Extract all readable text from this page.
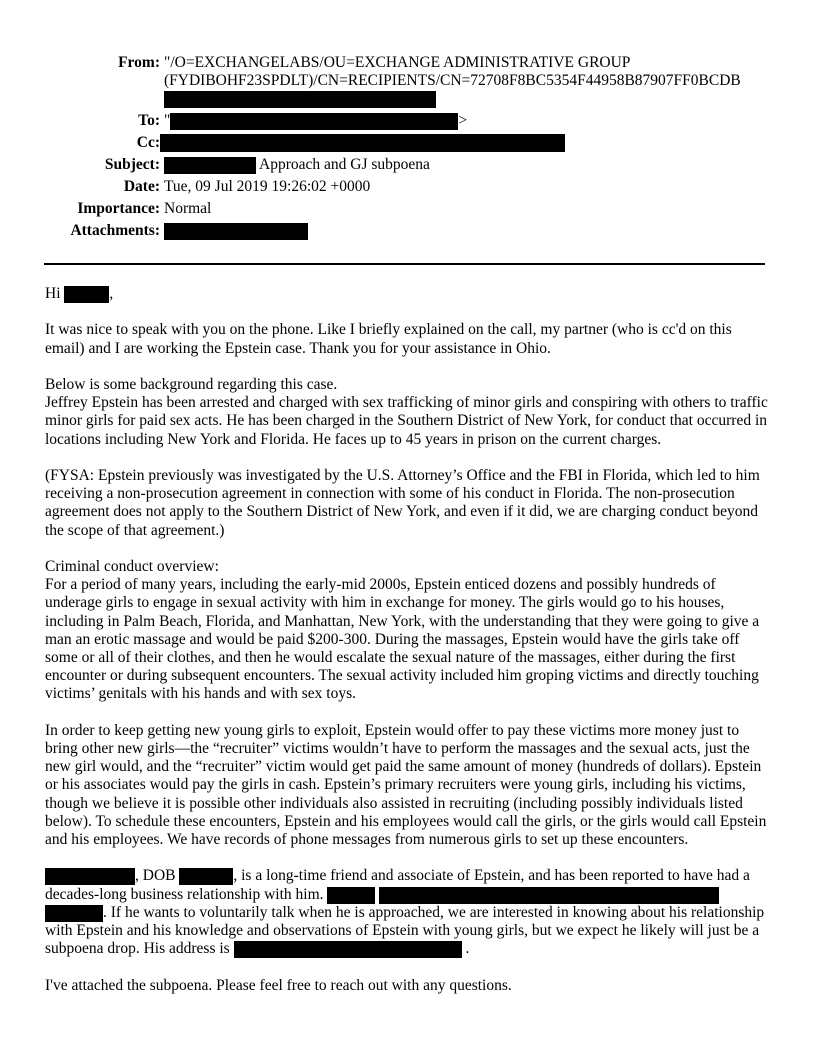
From: "/O=EXCHANGELABS/OU=EXCHANGE ADMINISTRATIVE GROUP
(FYDIBOHF23SPDLT)/CN=RECIPIENTS/CN=72708F8BC5354F44958B87907FF0BCDB
To: "	>
Cc:
Subject:	Approach and GJ subpoena
Date: Tue, 09 Jul 2019 19:26:02 +0000
Importance: Normal
Attachments:

Hi	,

It was nice to speak with you on the phone. Like I briefly explained on the call, my partner (who is cc'd on this email) and I are working the Epstein case. Thank you for your assistance in Ohio.

Below is some background regarding this case.
Jeffrey Epstein has been arrested and charged with sex trafficking of minor girls and conspiring with others to traffic minor girls for paid sex acts. He has been charged in the Southern District of New York, for conduct that occurred in locations including New York and Florida. He faces up to 45 years in prison on the current charges.

(FYSA: Epstein previously was investigated by the U.S. Attorney’s Office and the FBI in Florida, which led to him receiving a non-prosecution agreement in connection with some of his conduct in Florida. The non-prosecution agreement does not apply to the Southern District of New York, and even if it did, we are charging conduct beyond the scope of that agreement.)

Criminal conduct overview:
For a period of many years, including the early-mid 2000s, Epstein enticed dozens and possibly hundreds of underage girls to engage in sexual activity with him in exchange for money. The girls would go to his houses, including in Palm Beach, Florida, and Manhattan, New York, with the understanding that they were going to give a man an erotic massage and would be paid $200-300. During the massages, Epstein would have the girls take off some or all of their clothes, and then he would escalate the sexual nature of the massages, either during the first encounter or during subsequent encounters. The sexual activity included him groping victims and directly touching victims’ genitals with his hands and with sex toys.

In order to keep getting new young girls to exploit, Epstein would offer to pay these victims more money just to bring other new girls—the “recruiter” victims wouldn’t have to perform the massages and the sexual acts, just the new girl would, and the “recruiter” victim would get paid the same amount of money (hundreds of dollars). Epstein or his associates would pay the girls in cash. Epstein’s primary recruiters were young girls, including his victims, though we believe it is possible other individuals also assisted in recruiting (including possibly individuals listed below). To schedule these encounters, Epstein and his employees would call the girls, or the girls would call Epstein and his employees. We have records of phone messages from numerous girls to set up these encounters.

, DOB	, is a long-time friend and associate of Epstein, and has been reported to have had a decades-long business relationship with him.   . If he wants to voluntarily talk when he is approached, we are interested in knowing about his relationship with Epstein and his knowledge and observations of Epstein with young girls, but we expect he likely will just be a subpoena drop. His address is	.

I've attached the subpoena. Please feel free to reach out with any questions.
